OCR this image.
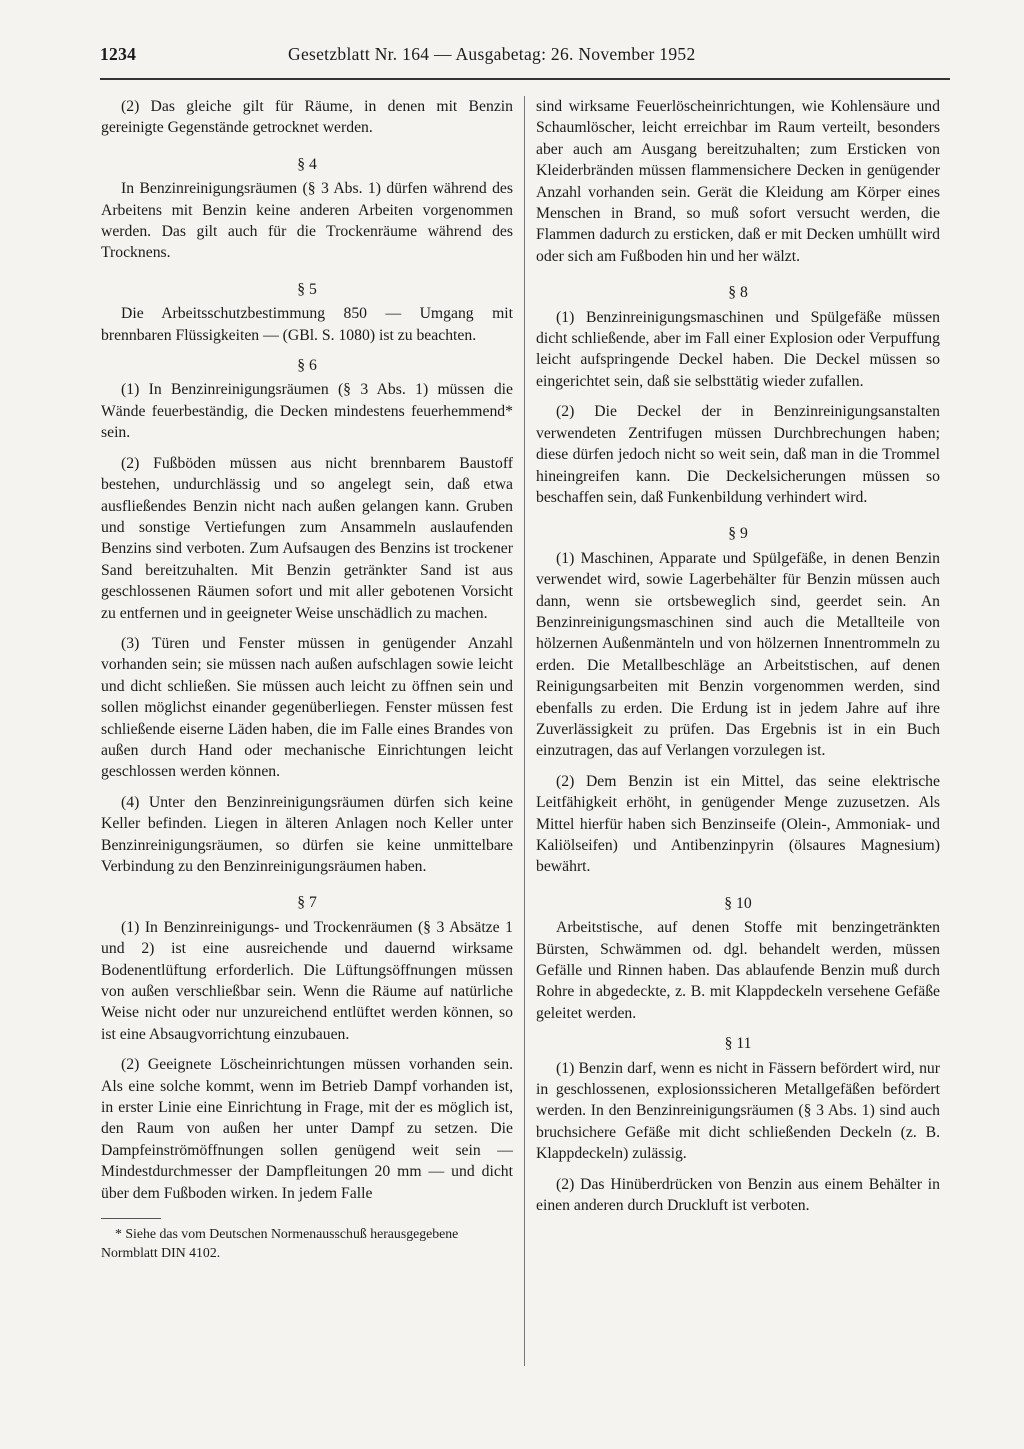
1234	Gesetzblatt Nr. 164 — Ausgabetag: 26. November 1952

(2) Das gleiche gilt für Räume, in denen mit Benzin gereinigte Gegenstände getrocknet werden.

§ 4

In Benzinreinigungsräumen (§ 3 Abs. 1) dürfen während des Arbeitens mit Benzin keine anderen Arbeiten vorgenommen werden. Das gilt auch für die Trockenräume während des Trocknens.

§ 5

Die Arbeitsschutzbestimmung 850 — Umgang mit brennbaren Flüssigkeiten — (GBl. S. 1080) ist zu beachten.

§ 6

(1) In Benzinreinigungsräumen (§ 3 Abs. 1) müssen die Wände feuerbeständig, die Decken mindestens feuerhemmend* sein.

(2) Fußböden müssen aus nicht brennbarem Baustoff bestehen, undurchlässig und so angelegt sein, daß etwa ausfließendes Benzin nicht nach außen gelangen kann. Gruben und sonstige Vertiefungen zum Ansammeln auslaufenden Benzins sind verboten. Zum Aufsaugen des Benzins ist trockener Sand bereitzuhalten. Mit Benzin getränkter Sand ist aus geschlossenen Räumen sofort und mit aller gebotenen Vorsicht zu entfernen und in geeigneter Weise unschädlich zu machen.

(3) Türen und Fenster müssen in genügender Anzahl vorhanden sein; sie müssen nach außen aufschlagen sowie leicht und dicht schließen. Sie müssen auch leicht zu öffnen sein und sollen möglichst einander gegenüberliegen. Fenster müssen fest schließende eiserne Läden haben, die im Falle eines Brandes von außen durch Hand oder mechanische Einrichtungen leicht geschlossen werden können.

(4) Unter den Benzinreinigungsräumen dürfen sich keine Keller befinden. Liegen in älteren Anlagen noch Keller unter Benzinreinigungsräumen, so dürfen sie keine unmittelbare Verbindung zu den Benzinreinigungsräumen haben.

§ 7

(1) In Benzinreinigungs- und Trockenräumen (§ 3 Absätze 1 und 2) ist eine ausreichende und dauernd wirksame Bodenentlüftung erforderlich. Die Lüftungsöffnungen müssen von außen verschließbar sein. Wenn die Räume auf natürliche Weise nicht oder nur unzureichend entlüftet werden können, so ist eine Absaugvorrichtung einzubauen.

(2) Geeignete Löscheinrichtungen müssen vorhanden sein. Als eine solche kommt, wenn im Betrieb Dampf vorhanden ist, in erster Linie eine Einrichtung in Frage, mit der es möglich ist, den Raum von außen her unter Dampf zu setzen. Die Dampfeinströmöffnungen sollen genügend weit sein — Mindestdurchmesser der Dampfleitungen 20 mm — und dicht über dem Fußboden wirken. In jedem Falle

* Siehe das vom Deutschen Normenausschuß herausgegebene Normblatt DIN 4102.

sind wirksame Feuerlöscheinrichtungen, wie Kohlensäure und Schaumlöscher, leicht erreichbar im Raum verteilt, besonders aber auch am Ausgang bereitzuhalten; zum Ersticken von Kleiderbränden müssen flammensichere Decken in genügender Anzahl vorhanden sein. Gerät die Kleidung am Körper eines Menschen in Brand, so muß sofort versucht werden, die Flammen dadurch zu ersticken, daß er mit Decken umhüllt wird oder sich am Fußboden hin und her wälzt.

§ 8

(1) Benzinreinigungsmaschinen und Spülgefäße müssen dicht schließende, aber im Fall einer Explosion oder Verpuffung leicht aufspringende Deckel haben. Die Deckel müssen so eingerichtet sein, daß sie selbsttätig wieder zufallen.

(2) Die Deckel der in Benzinreinigungsanstalten verwendeten Zentrifugen müssen Durchbrechungen haben; diese dürfen jedoch nicht so weit sein, daß man in die Trommel hineingreifen kann. Die Deckelsicherungen müssen so beschaffen sein, daß Funkenbildung verhindert wird.

§ 9

(1) Maschinen, Apparate und Spülgefäße, in denen Benzin verwendet wird, sowie Lagerbehälter für Benzin müssen auch dann, wenn sie ortsbeweglich sind, geerdet sein. An Benzinreinigungsmaschinen sind auch die Metallteile von hölzernen Außenmänteln und von hölzernen Innentrommeln zu erden. Die Metallbeschläge an Arbeitstischen, auf denen Reinigungsarbeiten mit Benzin vorgenommen werden, sind ebenfalls zu erden. Die Erdung ist in jedem Jahre auf ihre Zuverlässigkeit zu prüfen. Das Ergebnis ist in ein Buch einzutragen, das auf Verlangen vorzulegen ist.

(2) Dem Benzin ist ein Mittel, das seine elektrische Leitfähigkeit erhöht, in genügender Menge zuzusetzen. Als Mittel hierfür haben sich Benzinseife (Olein-, Ammoniak- und Kaliölseifen) und Antibenzinpyrin (ölsaures Magnesium) bewährt.

§ 10

Arbeitstische, auf denen Stoffe mit benzingetränkten Bürsten, Schwämmen od. dgl. behandelt werden, müssen Gefälle und Rinnen haben. Das ablaufende Benzin muß durch Rohre in abgedeckte, z. B. mit Klappdeckeln versehene Gefäße geleitet werden.

§ 11

(1) Benzin darf, wenn es nicht in Fässern befördert wird, nur in geschlossenen, explosionssicheren Metallgefäßen befördert werden. In den Benzinreinigungsräumen (§ 3 Abs. 1) sind auch bruchsichere Gefäße mit dicht schließenden Deckeln (z. B. Klappdeckeln) zulässig.

(2) Das Hinüberdrücken von Benzin aus einem Behälter in einen anderen durch Druckluft ist verboten.
